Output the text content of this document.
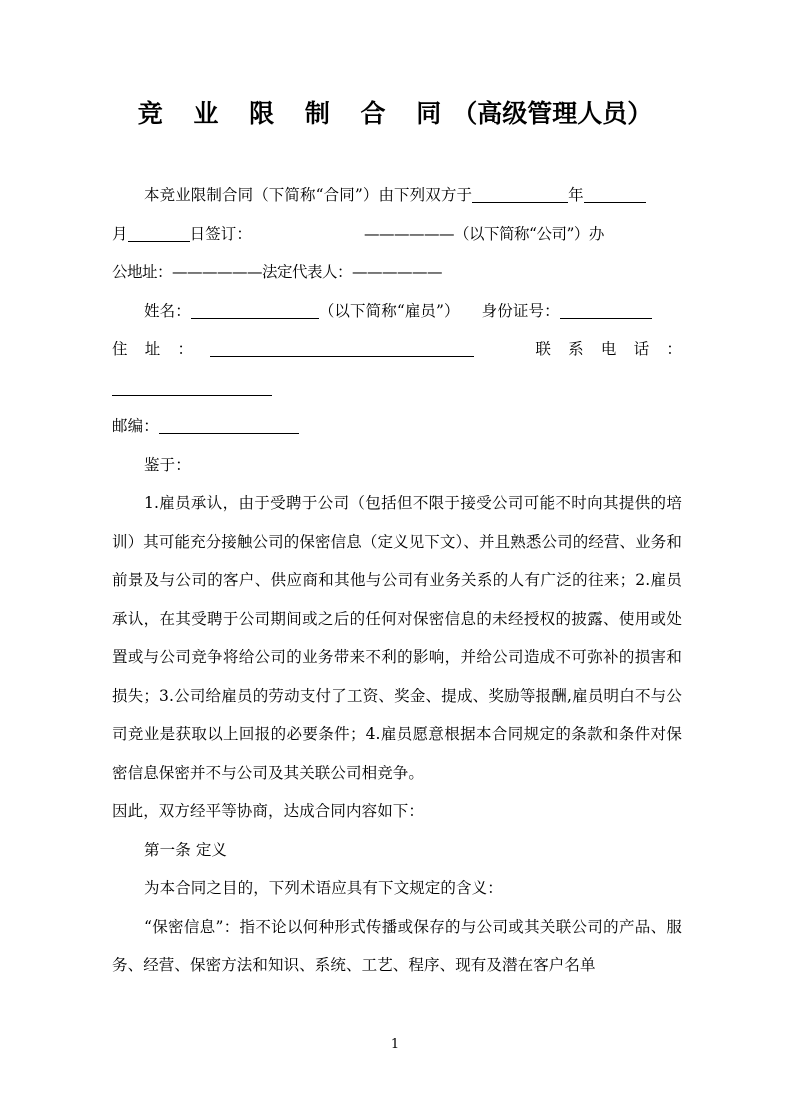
竞 业 限 制 合 同（高级管理人员）

本竞业限制合同（下简称“合同”）由下列双方于	年

月	日签订：	——————（以下简称“公司”）办

公地址：——————法定代表人：——————

姓名：	（以下简称“雇员”） 身份证号：

住址：	联系电话：

邮编：

鉴于：

1.雇员承认，由于受聘于公司（包括但不限于接受公司可能不时向其提供的培训）其可能充分接触公司的保密信息（定义见下文）、并且熟悉公司的经营、业务和前景及与公司的客户、供应商和其他与公司有业务关系的人有广泛的往来；2.雇员承认，在其受聘于公司期间或之后的任何对保密信息的未经授权的披露、使用或处置或与公司竞争将给公司的业务带来不利的影响，并给公司造成不可弥补的损害和损失；3.公司给雇员的劳动支付了工资、奖金、提成、奖励等报酬,雇员明白不与公司竞业是获取以上回报的必要条件；4.雇员愿意根据本合同规定的条款和条件对保密信息保密并不与公司及其关联公司相竞争。

因此，双方经平等协商，达成合同内容如下：

第一条 定义

为本合同之目的，下列术语应具有下文规定的含义：

“保密信息”：指不论以何种形式传播或保存的与公司或其关联公司的产品、服务、经营、保密方法和知识、系统、工艺、程序、现有及潜在客户名单

1
